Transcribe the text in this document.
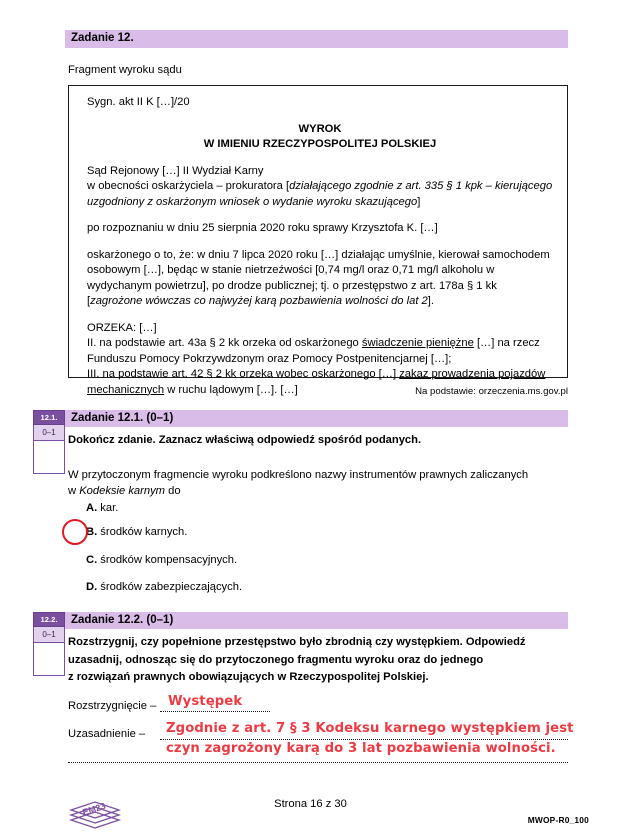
Zadanie 12.
Fragment wyroku sądu

Sygn. akt II K […]/20

WYROK

W IMIENIU RZECZYPOSPOLITEJ POLSKIEJ

Sąd Rejonowy […] II Wydział Karny
w obecności oskarżyciela – prokuratora [działającego zgodnie z art. 335 § 1 kpk – kierującego uzgodniony z oskarżonym wniosek o wydanie wyroku skazującego]

po rozpoznaniu w dniu 25 sierpnia 2020 roku sprawy Krzysztofa K. […]

oskarżonego o to, że: w dniu 7 lipca 2020 roku […] działając umyślnie, kierował samochodem osobowym […], będąc w stanie nietrzeźwości [0,74 mg/l oraz 0,71 mg/l alkoholu w wydychanym powietrzu], po drodze publicznej; tj. o przestępstwo z art. 178a § 1 kk [zagrożone wówczas co najwyżej karą pozbawienia wolności do lat 2].

ORZEKA: […]

II. na podstawie art. 43a § 2 kk orzeka od oskarżonego świadczenie pieniężne […] na rzecz Funduszu Pomocy Pokrzywdzonym oraz Pomocy Postpenitencjarnej […];

III. na podstawie art. 42 § 2 kk orzeka wobec oskarżonego […] zakaz prowadzenia pojazdów mechanicznych w ruchu lądowym […]. […]	Na podstawie: orzeczenia.ms.gov.pl
12.1.
0–1
Zadanie 12.1. (0–1)
Dokończ zdanie. Zaznacz właściwą odpowiedź spośród podanych.
W przytoczonym fragmencie wyroku podkreślono nazwy instrumentów prawnych zaliczanych
w Kodeksie karnym do
A. kar.
B. środków karnych.
C. środków kompensacyjnych.
D. środków zabezpieczających.
12.2.
0–1
Zadanie 12.2. (0–1)
Rozstrzygnij, czy popełnione przestępstwo było zbrodnią czy występkiem. Odpowiedź
uzasadnij, odnosząc się do przytoczonego fragmentu wyroku oraz do jednego
z rozwiązań prawnych obowiązujących w Rzeczypospolitej Polskiej.
Rozstrzygnięcie –
Uzasadnienie –
Występek
Zgodnie z art. 7 § 3 Kodeksu karnego występkiem jest
czyn zagrożony karą do 3 lat pozbawienia wolności.
EM23	Strona 16 z 30
MWOP-R0_100
